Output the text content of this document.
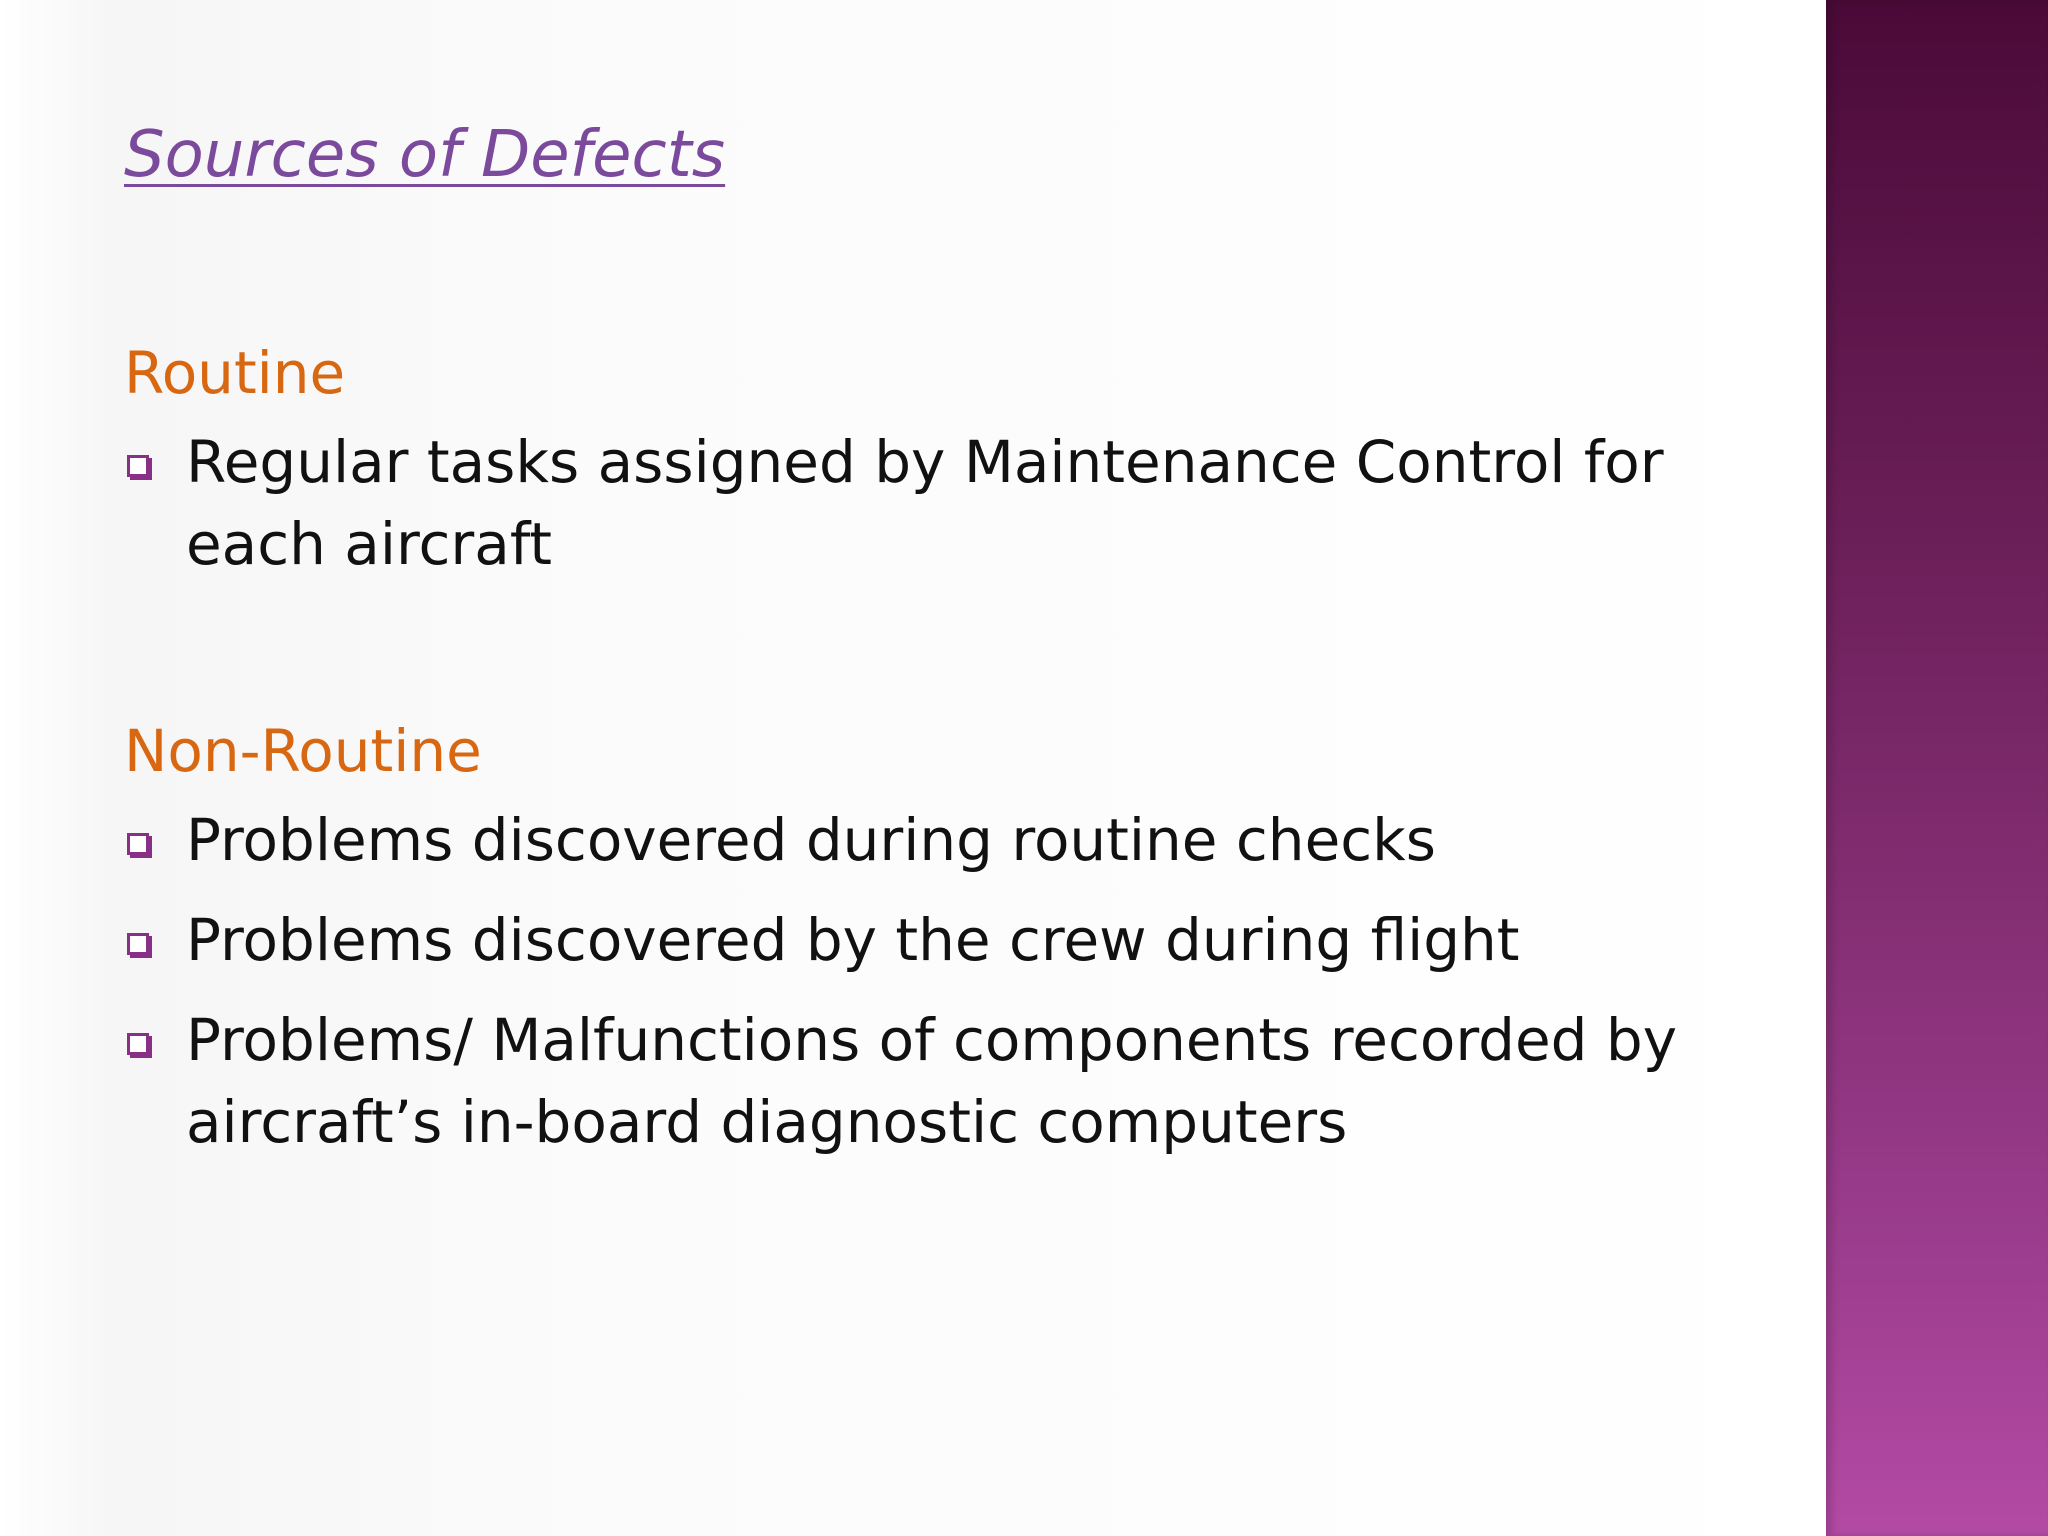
Sources of Defects
Routine
Regular tasks assigned by Maintenance Control for each aircraft
Non-Routine
Problems discovered during routine checks
Problems discovered by the crew during flight
Problems/ Malfunctions of components recorded by aircraft’s in-board diagnostic computers
